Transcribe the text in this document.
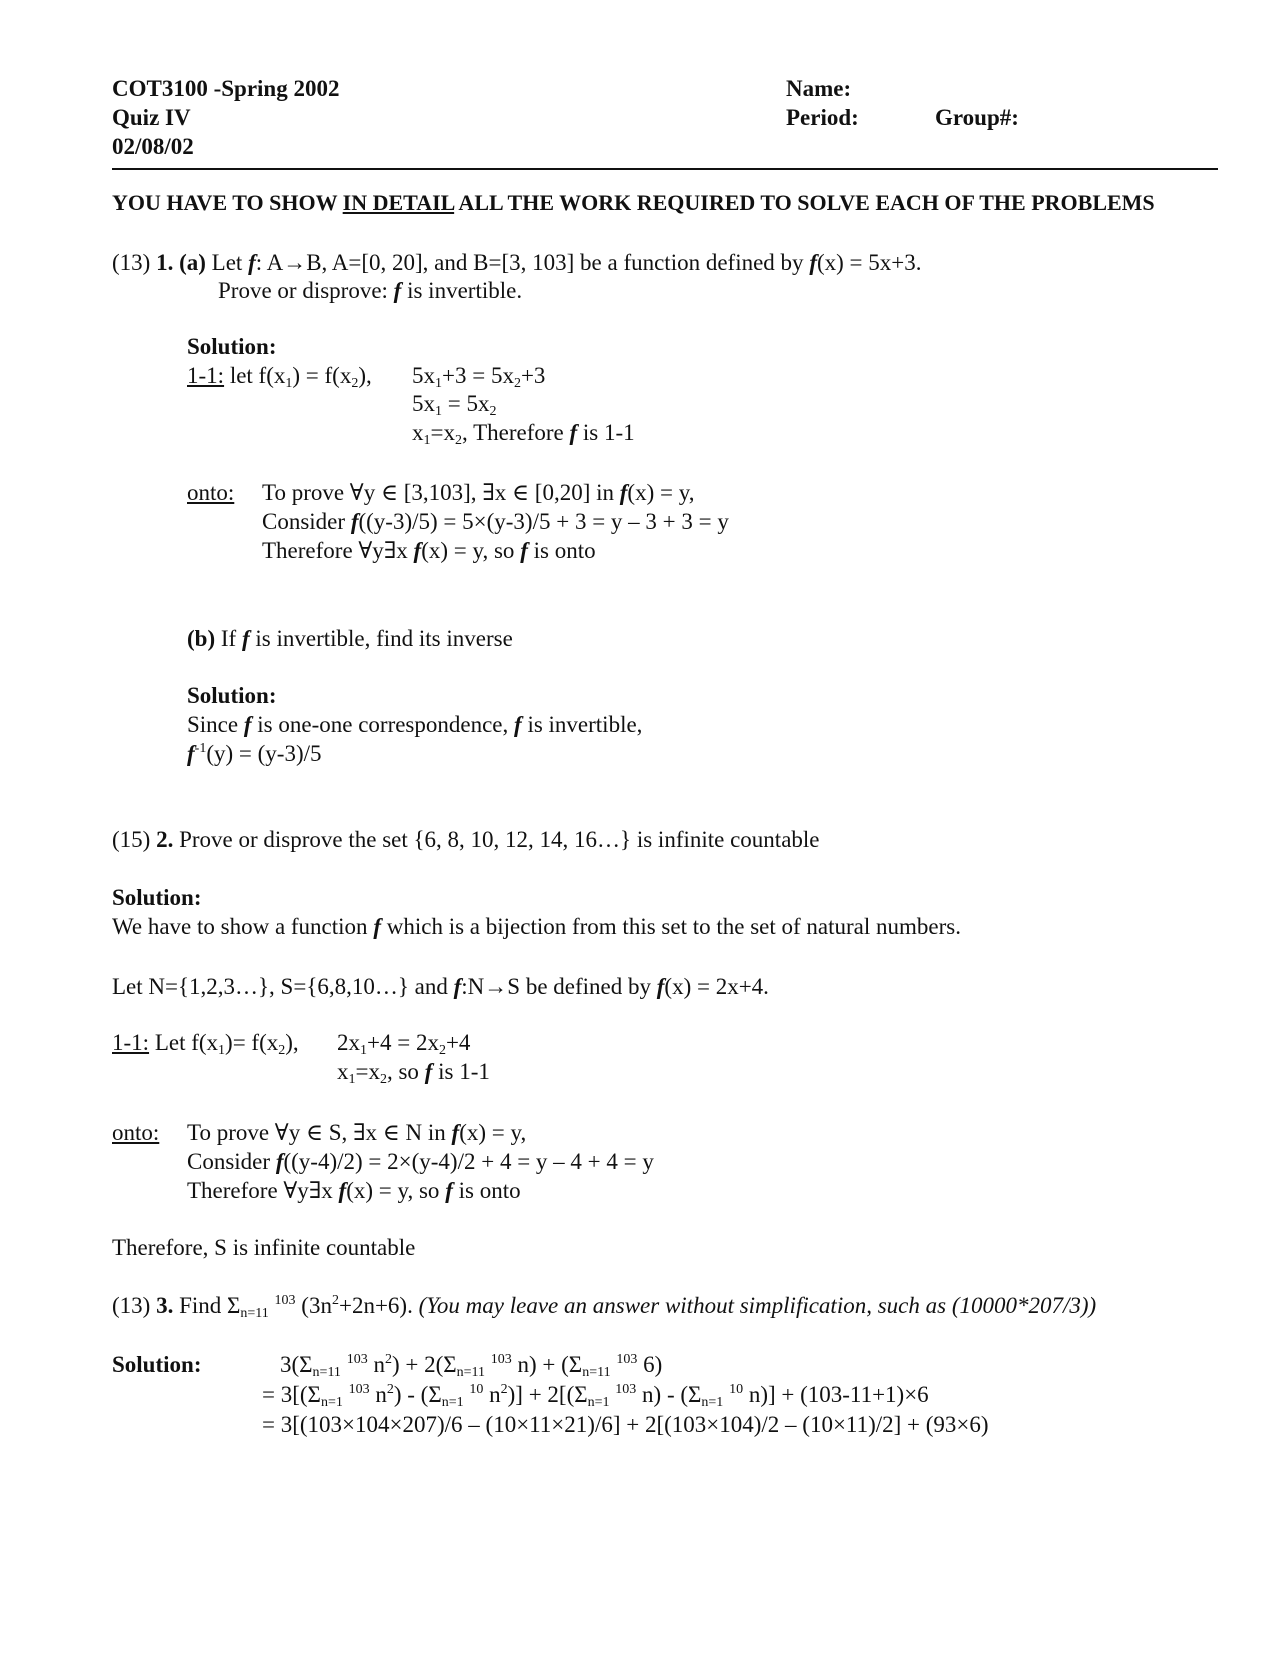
COT3100 -Spring 2002
Quiz IV
02/08/02
Name:
Period:	Group#:
YOU HAVE TO SHOW IN DETAIL ALL THE WORK REQUIRED TO SOLVE EACH OF THE PROBLEMS
(13) 1. (a) Let f: A→B, A=[0, 20], and B=[3, 103] be a function defined by f(x) = 5x+3.
Prove or disprove: f is invertible.
Solution:
1-1: let $f(x_1) = f(x_2)$, $5x_1+3 = 5x_2+3$
$5x_1 = 5x_2$
$x_1=x_2$, Therefore f is 1-1
onto: To prove ∀y ∈ [3,103], ∃x ∈ [0,20] in f(x) = y,
Consider f((y-3)/5) = 5×(y-3)/5 + 3 = y – 3 + 3 = y
Therefore ∀y∃x f(x) = y, so f is onto
(b) If f is invertible, find its inverse
Solution:
Since f is one-one correspondence, f is invertible,
$f^{-1}(y) = (y-3)/5$
(15) 2. Prove or disprove the set {6, 8, 10, 12, 14, 16…} is infinite countable
Solution:
We have to show a function f which is a bijection from this set to the set of natural numbers.
Let N={1,2,3…}, S={6,8,10…} and f:N→S be defined by f(x) = 2x+4.
1-1: Let $f(x_1)= f(x_2)$, $2x_1+4 = 2x_2+4$
$x_1=x_2$, so f is 1-1
onto: To prove ∀y ∈ S, ∃x ∈ N in f(x) = y,
Consider f((y-4)/2) = 2×(y-4)/2 + 4 = y – 4 + 4 = y
Therefore ∀y∃x f(x) = y, so f is onto
Therefore, S is infinite countable
(13) 3. Find $\Sigma_{n=11}$ $^{103}$ $(3n^2+2n+6)$. (You may leave an answer without simplification, such as (10000*207/3))
Solution:	$3(\Sigma_{n=11}$ $^{103}$ $n^2) + 2(\Sigma_{n=11}$ $^{103}$ $n) + (\Sigma_{n=11}$ $^{103}$ 6)
= $3[(\Sigma_{n=1}$ $^{103}$ $n^2) - (\Sigma_{n=1}$ $^{10}$ $n^2)] + 2[(\Sigma_{n=1}$ $^{103}$ $n) - (\Sigma_{n=1}$ $^{10}$ n)] + (103-11+1)×6
= 3[(103×104×207)/6 – (10×11×21)/6] + 2[(103×104)/2 – (10×11)/2] + (93×6)
